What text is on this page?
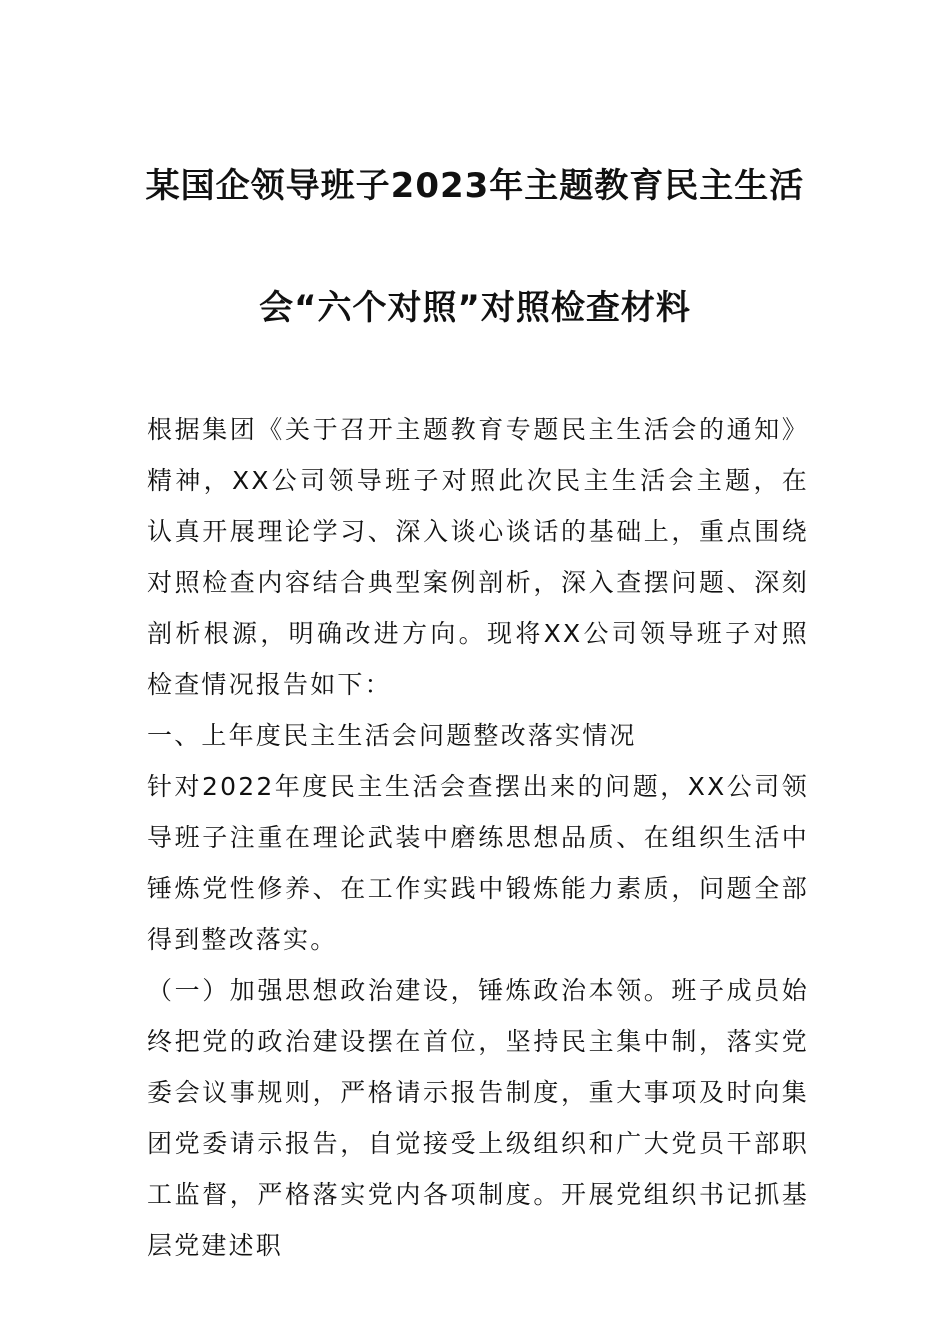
某国企领导班子2023年主题教育民主生活
会“六个对照”对照检查材料

根据集团《关于召开主题教育专题民主生活会的通知》精神，XX公司领导班子对照此次民主生活会主题，在认真开展理论学习、深入谈心谈话的基础上，重点围绕对照检查内容结合典型案例剖析，深入查摆问题、深刻剖析根源，明确改进方向。现将XX公司领导班子对照检查情况报告如下：

一、上年度民主生活会问题整改落实情况

针对2022年度民主生活会查摆出来的问题，XX公司领导班子注重在理论武装中磨练思想品质、在组织生活中锤炼党性修养、在工作实践中锻炼能力素质，问题全部得到整改落实。

（一）加强思想政治建设，锤炼政治本领。班子成员始终把党的政治建设摆在首位，坚持民主集中制，落实党委会议事规则，严格请示报告制度，重大事项及时向集团党委请示报告，自觉接受上级组织和广大党员干部职工监督，严格落实党内各项制度。开展党组织书记抓基层党建述职
